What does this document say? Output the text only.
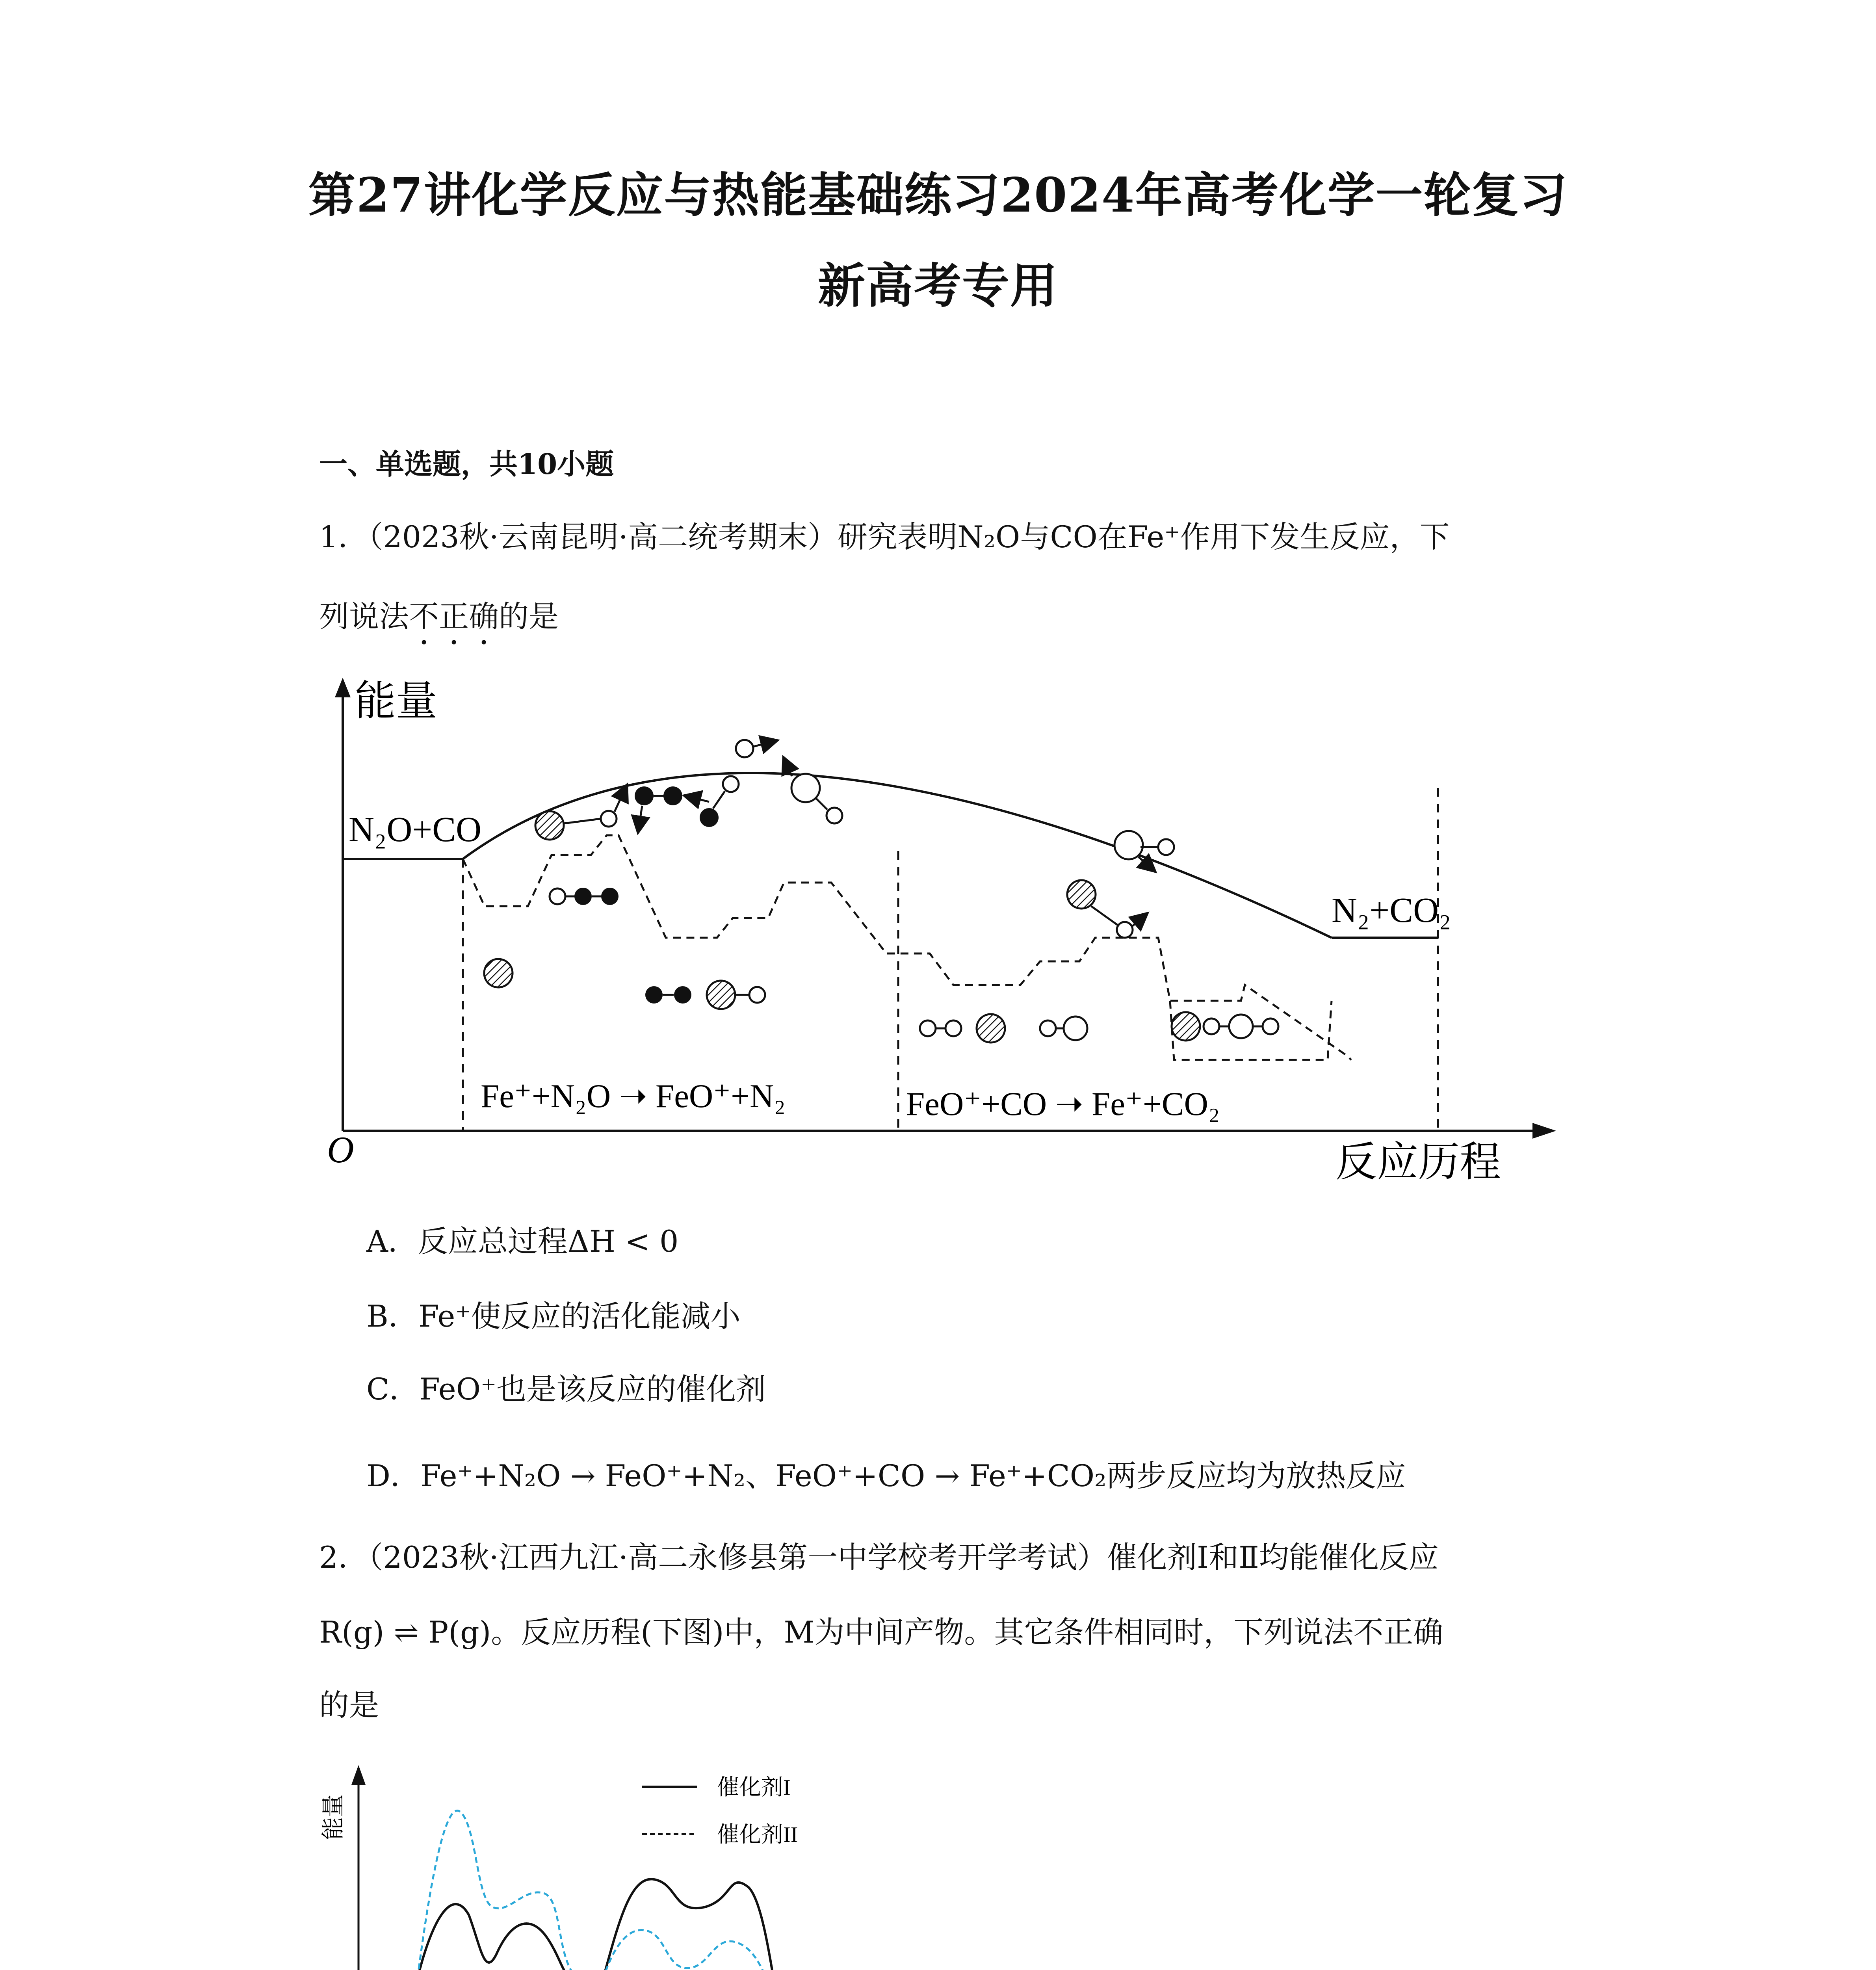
第27讲化学反应与热能基础练习2024年高考化学一轮复习
新高考专用
一、单选题，共10小题
1．（2023秋·云南昆明·高二统考期末）研究表明N₂O与CO在Fe⁺作用下发生反应，下
列说法不正确的是
能量
反应历程
O
N₂O+CO
N₂+CO₂
Fe⁺+N₂O ➝ FeO⁺+N₂	FeO⁺+CO ➝ Fe⁺+CO₂
A．反应总过程ΔH < 0
B．Fe⁺使反应的活化能减小
C．FeO⁺也是该反应的催化剂
D．Fe⁺+N₂O → FeO⁺+N₂、FeO⁺+CO → Fe⁺+CO₂两步反应均为放热反应
2．（2023秋·江西九江·高二永修县第一中学校考开学考试）催化剂Ⅰ和Ⅱ均能催化反应
R(g) ⇌ P(g)。反应历程(下图)中，M为中间产物。其它条件相同时，下列说法不正确
的是
能量
催化剂I
催化剂II
